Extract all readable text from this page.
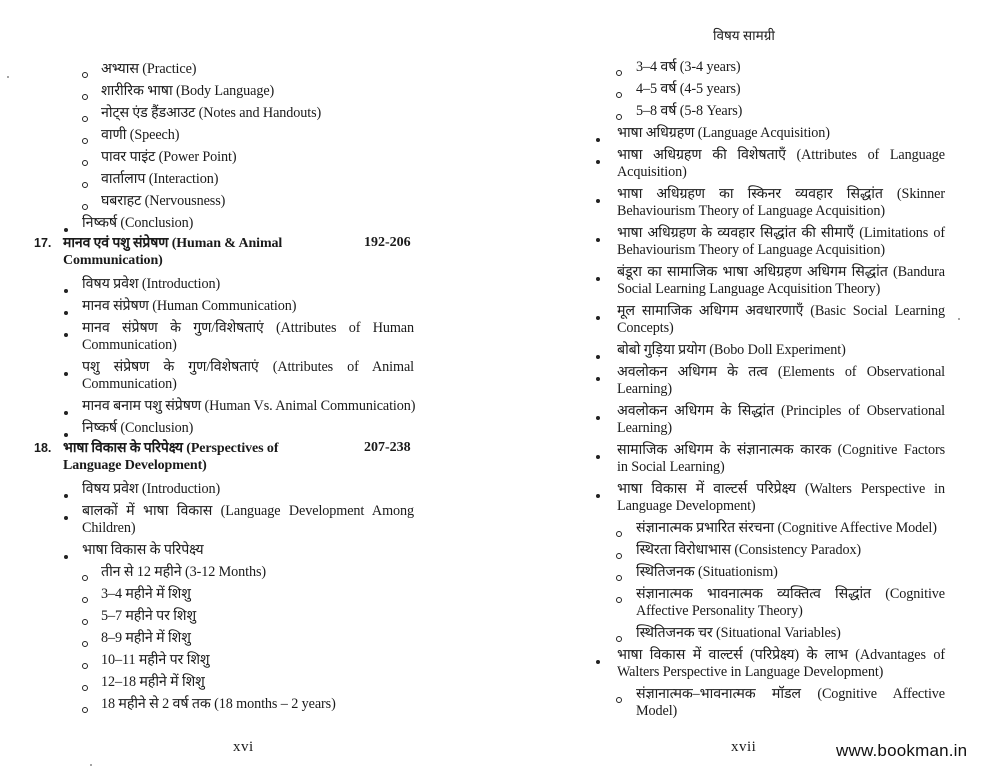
अभ्यास (Practice)
शारीरिक भाषा (Body Language)
नोट्स एंड हैंडआउट (Notes and Handouts)
वाणी (Speech)
पावर पाइंट (Power Point)
वार्तालाप (Interaction)
घबराहट (Nervousness)
निष्कर्ष (Conclusion)
17. मानव एवं पशु संप्रेषण (Human & Animal
Communication)
192-206
विषय प्रवेश (Introduction)
मानव संप्रेषण (Human Communication)
मानव संप्रेषण के गुण/विशेषताएं (Attributes of Human
Communication)
पशु संप्रेषण के गुण/विशेषताएं (Attributes of Animal
Communication)
मानव बनाम पशु संप्रेषण (Human Vs. Animal Communication)
निष्कर्ष (Conclusion)
18. भाषा विकास के परिपेक्ष्य (Perspectives of
Language Development)
207-238
विषय प्रवेश (Introduction)
बालकों में भाषा विकास (Language Development Among
Children)
भाषा विकास के परिपेक्ष्य
तीन से 12 महीने (3-12 Months)
3–4 महीने में शिशु
5–7 महीने पर शिशु
8–9 महीने में शिशु
10–11 महीने पर शिशु
12–18 महीने में शिशु
18 महीने से 2 वर्ष तक (18 months – 2 years)
xvi
विषय सामग्री
3–4 वर्ष (3-4 years)
4–5 वर्ष (4-5 years)
5–8 वर्ष (5-8 Years)
भाषा अधिग्रहण (Language Acquisition)
भाषा अधिग्रहण की विशेषताएँ (Attributes of Language
Acquisition)
भाषा अधिग्रहण का स्किनर व्यवहार सिद्धांत (Skinner
Behaviourism Theory of Language Acquisition)
भाषा अधिग्रहण के व्यवहार सिद्धांत की सीमाएँ (Limitations of
Behaviourism Theory of Language Acquisition)
बंडूरा का सामाजिक भाषा अधिग्रहण अधिगम सिद्धांत (Bandura
Social Learning Language Acquisition Theory)
मूल सामाजिक अधिगम अवधारणाएँ (Basic Social Learning
Concepts)
बोबो गुड़िया प्रयोग (Bobo Doll Experiment)
अवलोकन अधिगम के तत्व (Elements of Observational
Learning)
अवलोकन अधिगम के सिद्धांत (Principles of Observational
Learning)
सामाजिक अधिगम के संज्ञानात्मक कारक (Cognitive Factors
in Social Learning)
भाषा विकास में वाल्टर्स परिप्रेक्ष्य (Walters Perspective in
Language Development)
संज्ञानात्मक प्रभारित संरचना (Cognitive Affective Model)
स्थिरता विरोधाभास (Consistency Paradox)
स्थितिजनक (Situationism)
संज्ञानात्मक भावनात्मक व्यक्तित्व सिद्धांत (Cognitive
Affective Personality Theory)
स्थितिजनक चर (Situational Variables)
भाषा विकास में वाल्टर्स (परिप्रेक्ष्य) के लाभ (Advantages of
Walters Perspective in Language Development)
संज्ञानात्मक–भावनात्मक मॉडल (Cognitive Affective
Model)
xvii	www.bookman.in
